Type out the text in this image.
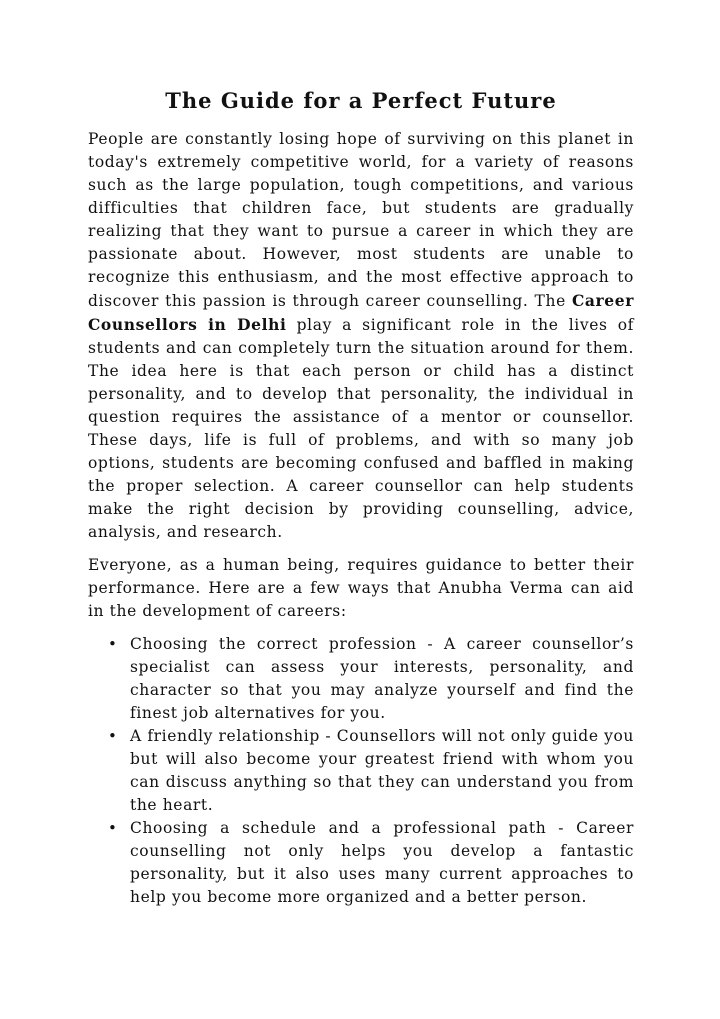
The Guide for a Perfect Future

People are constantly losing hope of surviving on this planet in today's extremely competitive world, for a variety of reasons such as the large population, tough competitions, and various difficulties that children face, but students are gradually realizing that they want to pursue a career in which they are passionate about. However, most students are unable to recognize this enthusiasm, and the most effective approach to discover this passion is through career counselling. The Career Counsellors in Delhi play a significant role in the lives of students and can completely turn the situation around for them. The idea here is that each person or child has a distinct personality, and to develop that personality, the individual in question requires the assistance of a mentor or counsellor. These days, life is full of problems, and with so many job options, students are becoming confused and baffled in making the proper selection. A career counsellor can help students make the right decision by providing counselling, advice, analysis, and research.

Everyone, as a human being, requires guidance to better their performance. Here are a few ways that Anubha Verma can aid in the development of careers:

• Choosing the correct profession - A career counsellor’s specialist can assess your interests, personality, and character so that you may analyze yourself and find the finest job alternatives for you.
• A friendly relationship - Counsellors will not only guide you but will also become your greatest friend with whom you can discuss anything so that they can understand you from the heart.
• Choosing a schedule and a professional path - Career counselling not only helps you develop a fantastic personality, but it also uses many current approaches to help you become more organized and a better person.
